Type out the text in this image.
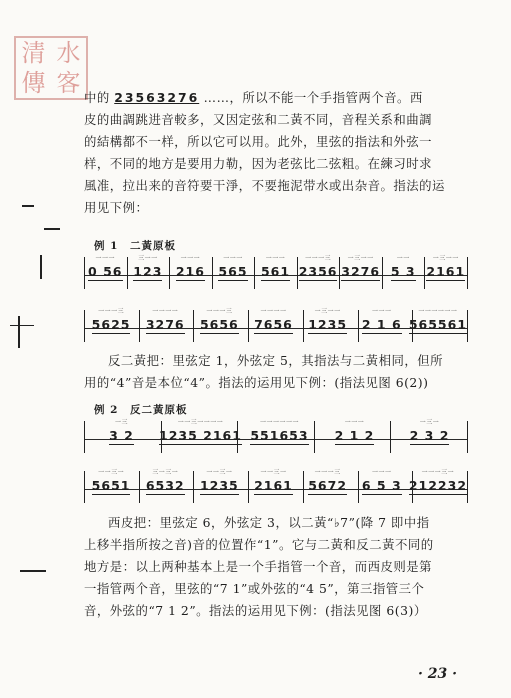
清 水
傳 客

中的 23563276 ……，所以不能一个手指管两个音。西

皮的曲調跳进音較多，又因定弦和二黃不同，音程关系和曲調

的結構都不一样，所以它可以用。此外，里弦的指法和外弦一

样，不同的地方是要用力勒，因为老弦比二弦粗。在練习时求

風准，拉出来的音符要干淨，不要拖泥带水或出杂音。指法的运

用见下例：

例 1　二黃原板
一一一
0 56
三一一
123
一一一
216
一一一
565
一一一
561
一一一三
2356
一三一一
3276
一一
5 3
一三一一
2161
一一一三
5625
一一一一
3276
一一一三
5656
一一一一
7656
一三一一
1235
一一一
2 1 6
一一一一一一
565561

反二黃把：里弦定 1，外弦定 5，其指法与二黃相同，但所

用的“4”音是本位“4”。指法的运用见下例：(指法见图 6(2))

例 2　反二黃原板
一三
3 2
一一三一一一一
1235 2161
一一一一一一
551653
一一一
2 1 2
一三一
2 3 2
一一三一
5651
三一三一
6532
一一三一
1235
一一三一
2161
一一一三
5672
一一一
6 5 3
一一一三一
212232

西皮把：里弦定 6，外弦定 3，以二黃“♭7”(降 7 即中指

上移半指所按之音)音的位置作“1”。它与二黃和反二黃不同的

地方是：以上两种基本上是一个手指管一个音，而西皮则是第

一指管两个音，里弦的“7 1”或外弦的“4 5”，第三指管三个

音，外弦的“7 1 2”。指法的运用见下例：(指法见图 6(3)）

· 23 ·
